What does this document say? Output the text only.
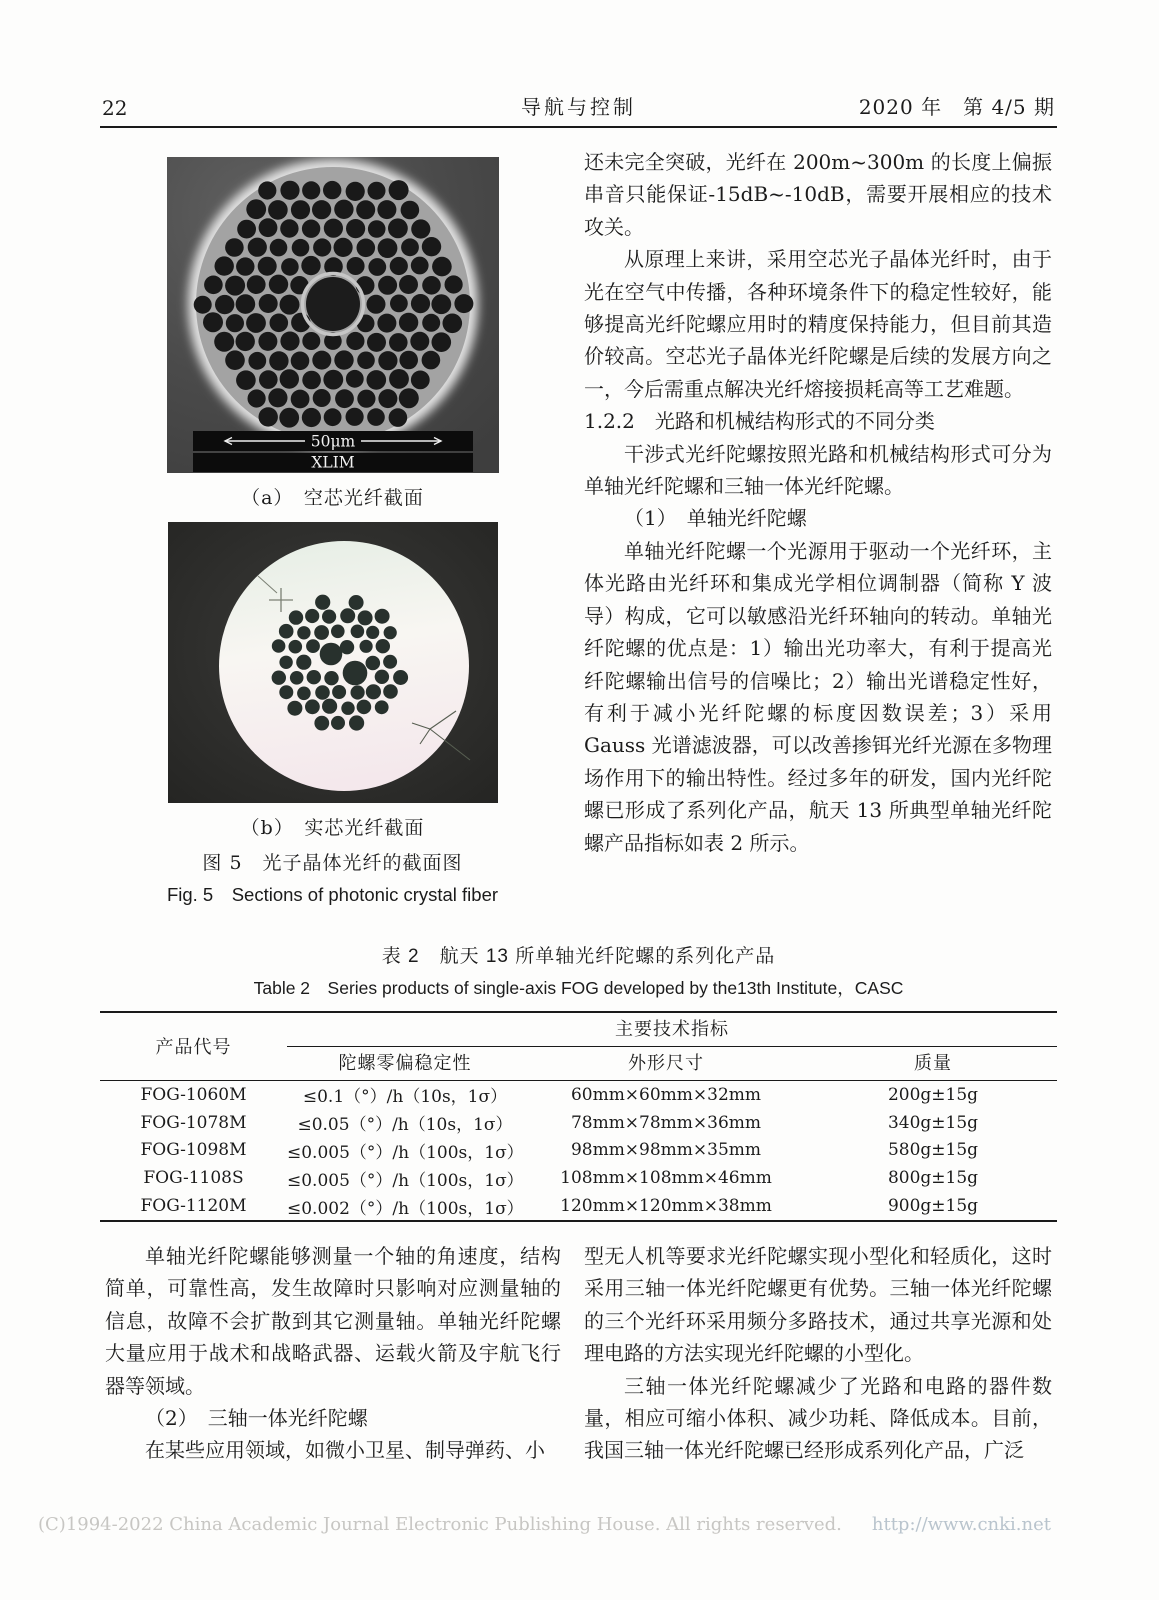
22	导航与控制	2020 年　第 4/5 期
50μm
XLIM
（a）　空芯光纤截面
（b）　实芯光纤截面
图 5　光子晶体光纤的截面图
Fig. 5　Sections of photonic crystal fiber

还未完全突破，光纤在 200m~300m 的长度上偏振串音只能保证-15dB~-10dB，需要开展相应的技术攻关。

从原理上来讲，采用空芯光子晶体光纤时，由于光在空气中传播，各种环境条件下的稳定性较好，能够提高光纤陀螺应用时的精度保持能力，但目前其造价较高。空芯光子晶体光纤陀螺是后续的发展方向之一，今后需重点解决光纤熔接损耗高等工艺难题。

1.2.2　光路和机械结构形式的不同分类

干涉式光纤陀螺按照光路和机械结构形式可分为单轴光纤陀螺和三轴一体光纤陀螺。

（1）　单轴光纤陀螺

单轴光纤陀螺一个光源用于驱动一个光纤环，主体光路由光纤环和集成光学相位调制器（简称 Y 波导）构成，它可以敏感沿光纤环轴向的转动。单轴光纤陀螺的优点是：1）输出光功率大，有利于提高光纤陀螺输出信号的信噪比；2）输出光谱稳定性好，有利于减小光纤陀螺的标度因数误差；3）采用 Gauss 光谱滤波器，可以改善掺铒光纤光源在多物理场作用下的输出特性。经过多年的研发，国内光纤陀螺已形成了系列化产品，航天 13 所典型单轴光纤陀螺产品指标如表 2 所示。

表 2　航天 13 所单轴光纤陀螺的系列化产品
Table 2　Series products of single-axis FOG developed by the13th Institute，CASC
产品代号
主要技术指标
陀螺零偏稳定性	外形尺寸	质量
FOG-1060M	≤0.1（°）/h（10s，1σ）	60mm×60mm×32mm	200g±15g
FOG-1078M	≤0.05（°）/h（10s，1σ）	78mm×78mm×36mm	340g±15g
FOG-1098M	≤0.005（°）/h（100s，1σ）	98mm×98mm×35mm	580g±15g
FOG-1108S	≤0.005（°）/h（100s，1σ）	108mm×108mm×46mm	800g±15g
FOG-1120M	≤0.002（°）/h（100s，1σ）	120mm×120mm×38mm	900g±15g

单轴光纤陀螺能够测量一个轴的角速度，结构简单，可靠性高，发生故障时只影响对应测量轴的信息，故障不会扩散到其它测量轴。单轴光纤陀螺大量应用于战术和战略武器、运载火箭及宇航飞行器等领域。

（2）　三轴一体光纤陀螺

在某些应用领域，如微小卫星、制导弹药、小

型无人机等要求光纤陀螺实现小型化和轻质化，这时采用三轴一体光纤陀螺更有优势。三轴一体光纤陀螺的三个光纤环采用频分多路技术，通过共享光源和处理电路的方法实现光纤陀螺的小型化。

三轴一体光纤陀螺减少了光路和电路的器件数量，相应可缩小体积、减少功耗、降低成本。目前，我国三轴一体光纤陀螺已经形成系列化产品，广泛

(C)1994-2022 China Academic Journal Electronic Publishing House. All rights reserved. http://www.cnki.net
